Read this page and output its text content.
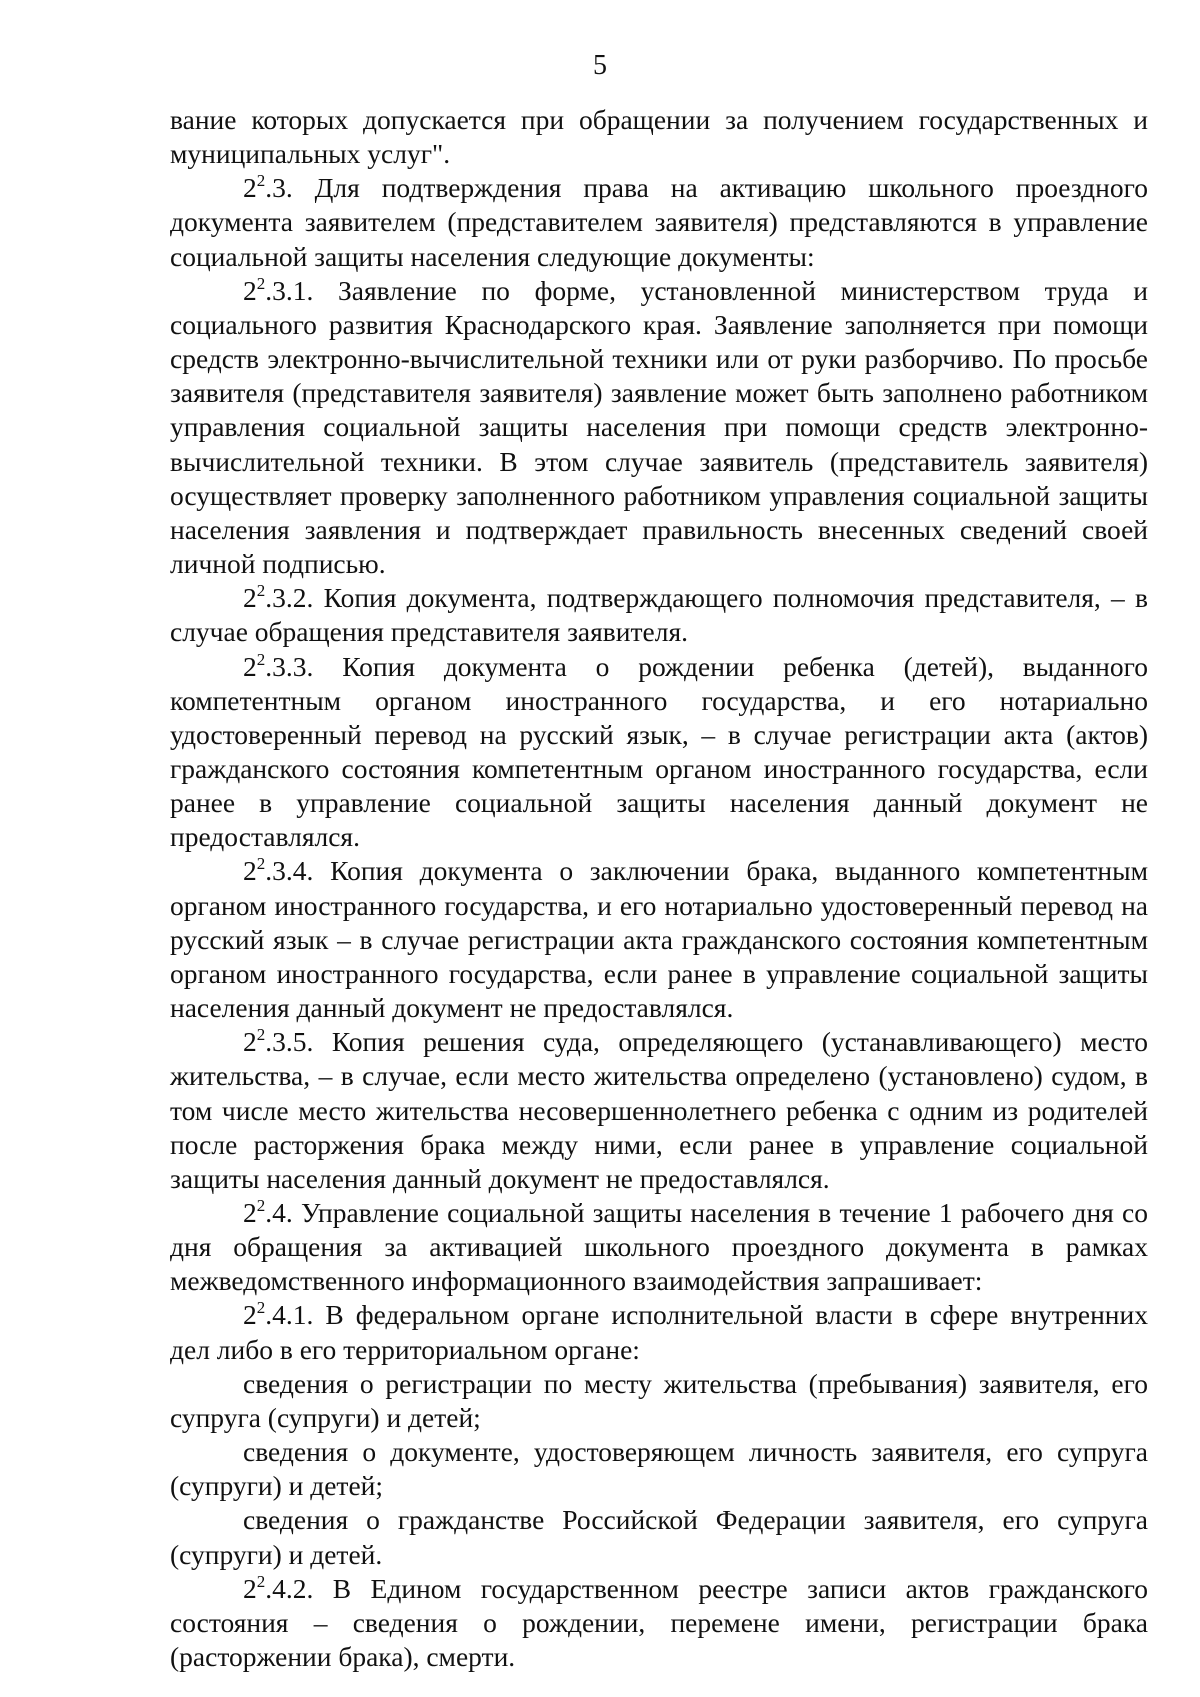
5

вание которых допускается при обращении за получением государственных и муниципальных услуг".

$2^2.3$. Для подтверждения права на активацию школьного проездного документа заявителем (представителем заявителя) представляются в управление социальной защиты населения следующие документы:

$2^2.3.1$. Заявление по форме, установленной министерством труда и социального развития Краснодарского края. Заявление заполняется при помощи средств электронно-вычислительной техники или от руки разборчиво. По просьбе заявителя (представителя заявителя) заявление может быть заполнено работником управления социальной защиты населения при помощи средств электронно-вычислительной техники. В этом случае заявитель (представитель заявителя) осуществляет проверку заполненного работником управления социальной защиты населения заявления и подтверждает правильность внесенных сведений своей личной подписью.

$2^2.3.2$. Копия документа, подтверждающего полномочия представителя, – в случае обращения представителя заявителя.

$2^2.3.3$. Копия документа о рождении ребенка (детей), выданного компетентным органом иностранного государства, и его нотариально удостоверенный перевод на русский язык, – в случае регистрации акта (актов) гражданского состояния компетентным органом иностранного государства, если ранее в управление социальной защиты населения данный документ не предоставлялся.

$2^2.3.4$. Копия документа о заключении брака, выданного компетентным органом иностранного государства, и его нотариально удостоверенный перевод на русский язык – в случае регистрации акта гражданского состояния компетентным органом иностранного государства, если ранее в управление социальной защиты населения данный документ не предоставлялся.

$2^2.3.5$. Копия решения суда, определяющего (устанавливающего) место жительства, – в случае, если место жительства определено (установлено) судом, в том числе место жительства несовершеннолетнего ребенка с одним из родителей после расторжения брака между ними, если ранее в управление социальной защиты населения данный документ не предоставлялся.

$2^2.4$. Управление социальной защиты населения в течение 1 рабочего дня со дня обращения за активацией школьного проездного документа в рамках межведомственного информационного взаимодействия запрашивает:

$2^2.4.1$. В федеральном органе исполнительной власти в сфере внутренних дел либо в его территориальном органе:

сведения о регистрации по месту жительства (пребывания) заявителя, его супруга (супруги) и детей;

сведения о документе, удостоверяющем личность заявителя, его супруга (супруги) и детей;

сведения о гражданстве Российской Федерации заявителя, его супруга (супруги) и детей.

$2^2.4.2$. В Едином государственном реестре записи актов гражданского состояния – сведения о рождении, перемене имени, регистрации брака (расторжении брака), смерти.
